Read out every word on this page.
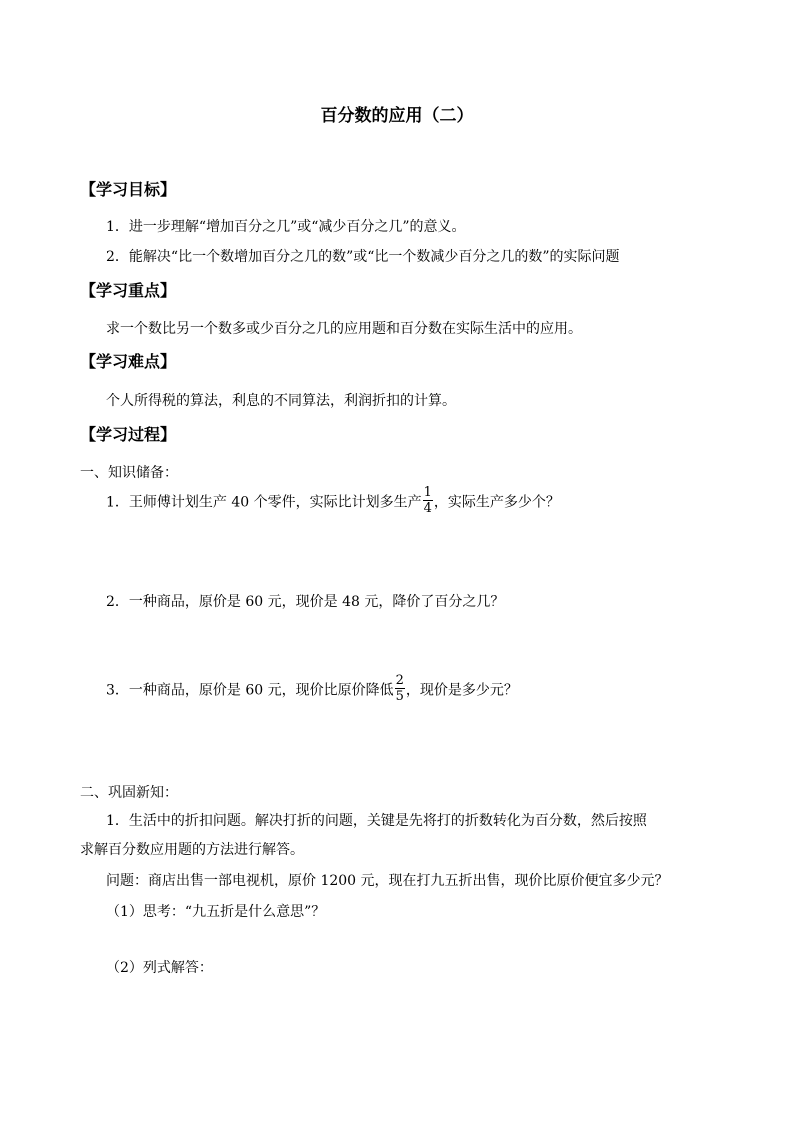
百分数的应用（二）
【学习目标】
1．进一步理解“增加百分之几”或“减少百分之几”的意义。
2．能解决“比一个数增加百分之几的数”或“比一个数减少百分之几的数”的实际问题
【学习重点】
求一个数比另一个数多或少百分之几的应用题和百分数在实际生活中的应用。
【学习难点】
个人所得税的算法，利息的不同算法，利润折扣的计算。
【学习过程】
一、知识储备：
1．王师傅计划生产 40 个零件，实际比计划多生产 $\frac{1}{4}$ ，实际生产多少个？
2．一种商品，原价是 60 元，现价是 48 元，降价了百分之几？
3．一种商品，原价是 60 元，现价比原价降低 $\frac{2}{5}$ ，现价是多少元？
二、巩固新知：
1．生活中的折扣问题。解决打折的问题，关键是先将打的折数转化为百分数，然后按照
求解百分数应用题的方法进行解答。
问题：商店出售一部电视机，原价 1200 元，现在打九五折出售，现价比原价便宜多少元？
（1）思考：“九五折是什么意思”？
（2）列式解答：
